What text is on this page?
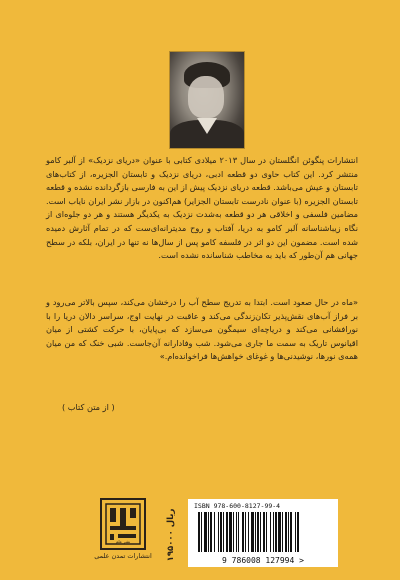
انتشارات پنگوئن انگلستان در سال ۲۰۱۳ میلادی کتابی با عنوان «دریای نزدیک» از آلبر کامو منتشر کرد. این کتاب حاوی دو قطعه ادبی، دریای نزدیک و تابستان الجزیره، از کتاب‌های تابستان و عیش می‌باشد. قطعه دریای نزدیک پیش از این به فارسی بازگردانده نشده و قطعه تابستان الجزیره (با عنوان نادرست تابستان الجزایر) هم‌اکنون در بازار نشر ایران نایاب است. مضامین فلسفی و اخلاقی هر دو قطعه به‌شدت نزدیک به یکدیگر هستند و هر دو جلوه‌ای از نگاه زیباشناسانه آلبر کامو به دریا، آفتاب و روح مدیترانه‌ای‌ست که در تمام آثارش دمیده شده است. مضمون این دو اثر در فلسفه کامو پس از سال‌ها نه تنها در ایران، بلکه در سطح جهانی هم آن‌طور که باید به مخاطب شناسانده نشده است.
«ماه در حال صعود است. ابتدا به تدریج سطح آب را درخشان می‌کند، سپس بالاتر می‌رود و بر فراز آب‌های نقش‌پذیر تکان‌زندگی می‌کند و عاقبت در نهایت اوج، سراسر دالان دریا را با نورافشانی می‌کند و دریاچه‌ای سیمگون می‌سازد که بی‌پایان، با حرکت کشتی از میان اقیانوس تاریک به سمت ما جاری می‌شود. شب وفادارانه آن‌جاست. شبی خنک که من میان همه‌ی نورها، نوشیدنی‌ها و غوغای خواهش‌ها فراخوانده‌ام.»
( از متن کتاب )
نشر علم
انتشارات تمدن علمی ۱۹۵۰۰۰ ریال
ISBN 978-600-8127-99-4
9 786008 127994 >
